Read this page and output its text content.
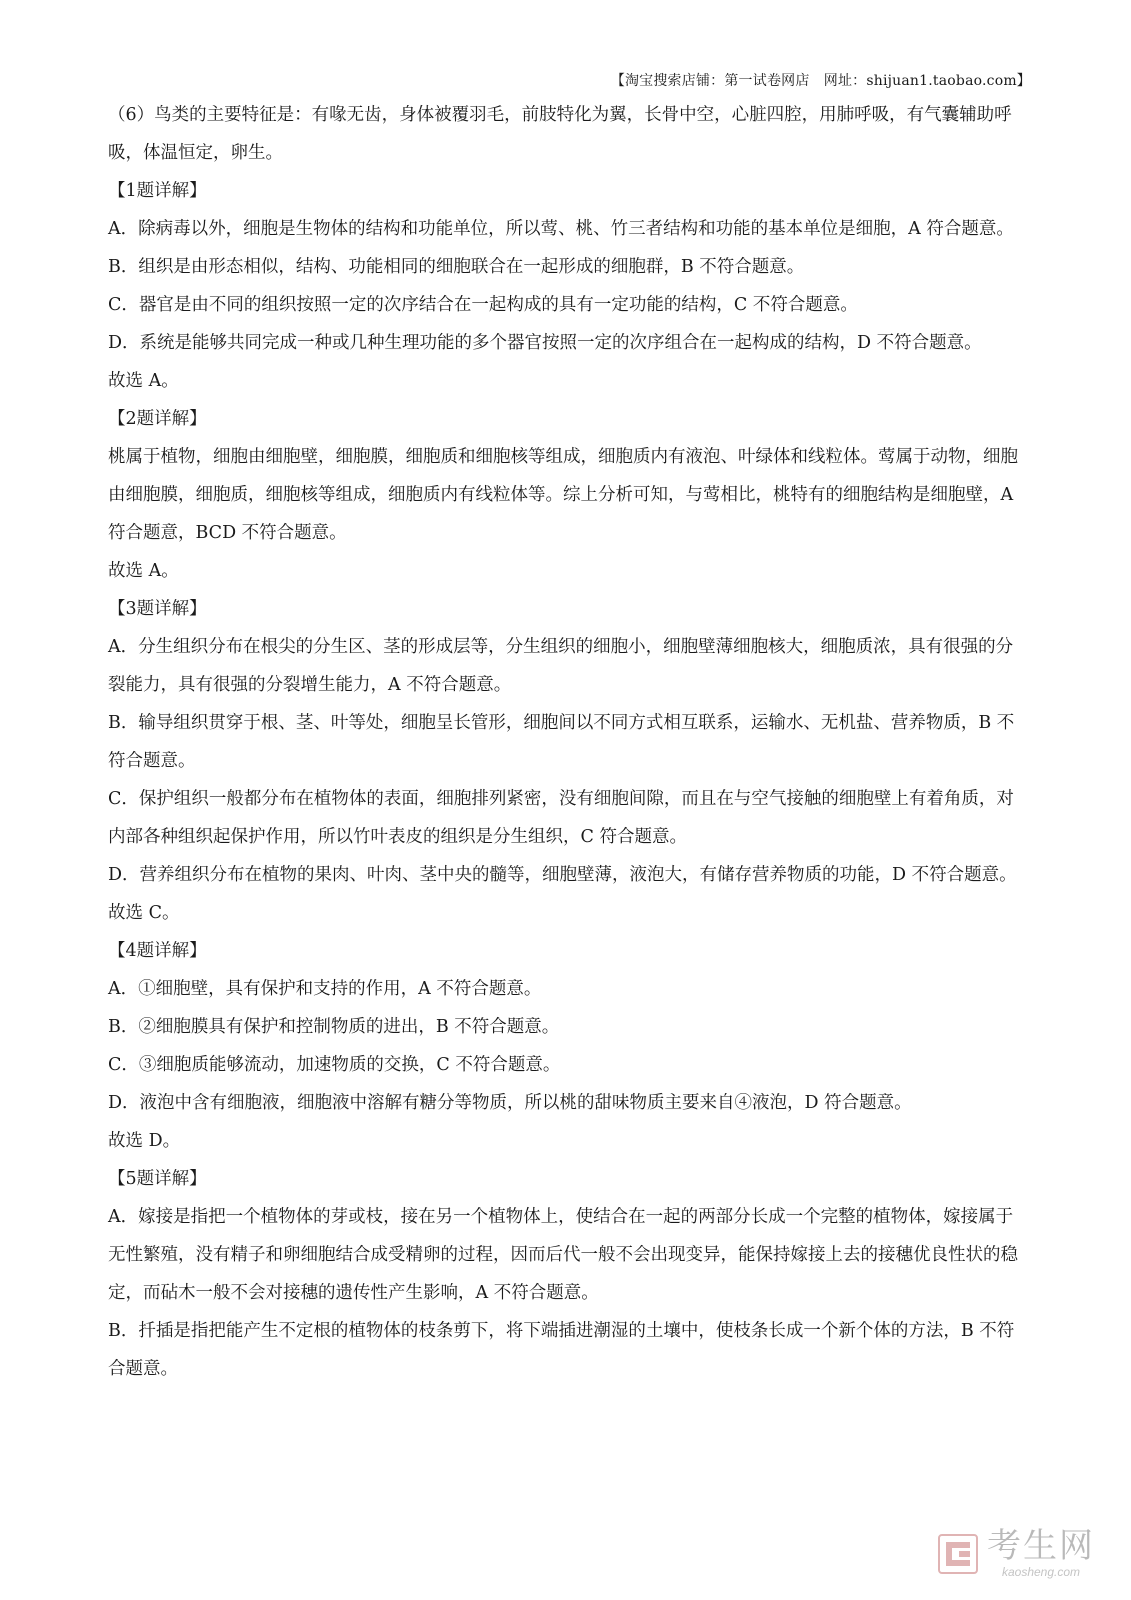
【淘宝搜索店铺：第一试卷网店　网址：shijuan1.taobao.com】

（6）鸟类的主要特征是：有喙无齿，身体被覆羽毛，前肢特化为翼，长骨中空，心脏四腔，用肺呼吸，有气囊辅助呼吸，体温恒定，卵生。

【1题详解】

A．除病毒以外，细胞是生物体的结构和功能单位，所以莺、桃、竹三者结构和功能的基本单位是细胞，A 符合题意。

B．组织是由形态相似，结构、功能相同的细胞联合在一起形成的细胞群，B 不符合题意。

C．器官是由不同的组织按照一定的次序结合在一起构成的具有一定功能的结构，C 不符合题意。

D．系统是能够共同完成一种或几种生理功能的多个器官按照一定的次序组合在一起构成的结构，D 不符合题意。

故选 A。

【2题详解】

桃属于植物，细胞由细胞壁，细胞膜，细胞质和细胞核等组成，细胞质内有液泡、叶绿体和线粒体。莺属于动物，细胞由细胞膜，细胞质，细胞核等组成，细胞质内有线粒体等。综上分析可知，与莺相比，桃特有的细胞结构是细胞壁，A 符合题意，BCD 不符合题意。

故选 A。

【3题详解】

A．分生组织分布在根尖的分生区、茎的形成层等，分生组织的细胞小，细胞壁薄细胞核大，细胞质浓，具有很强的分裂能力，具有很强的分裂增生能力，A 不符合题意。

B．输导组织贯穿于根、茎、叶等处，细胞呈长管形，细胞间以不同方式相互联系，运输水、无机盐、营养物质，B 不符合题意。

C．保护组织一般都分布在植物体的表面，细胞排列紧密，没有细胞间隙，而且在与空气接触的细胞壁上有着角质，对内部各种组织起保护作用，所以竹叶表皮的组织是分生组织，C 符合题意。

D．营养组织分布在植物的果肉、叶肉、茎中央的髓等，细胞壁薄，液泡大，有储存营养物质的功能，D 不符合题意。

故选 C。

【4题详解】

A．①细胞壁，具有保护和支持的作用，A 不符合题意。

B．②细胞膜具有保护和控制物质的进出，B 不符合题意。

C．③细胞质能够流动，加速物质的交换，C 不符合题意。

D．液泡中含有细胞液，细胞液中溶解有糖分等物质，所以桃的甜味物质主要来自④液泡，D 符合题意。

故选 D。

【5题详解】

A．嫁接是指把一个植物体的芽或枝，接在另一个植物体上，使结合在一起的两部分长成一个完整的植物体，嫁接属于无性繁殖，没有精子和卵细胞结合成受精卵的过程，因而后代一般不会出现变异，能保持嫁接上去的接穗优良性状的稳定，而砧木一般不会对接穗的遗传性产生影响，A 不符合题意。

B．扦插是指把能产生不定根的植物体的枝条剪下，将下端插进潮湿的土壤中，使枝条长成一个新个体的方法，B 不符合题意。

考生网
kaosheng.com
